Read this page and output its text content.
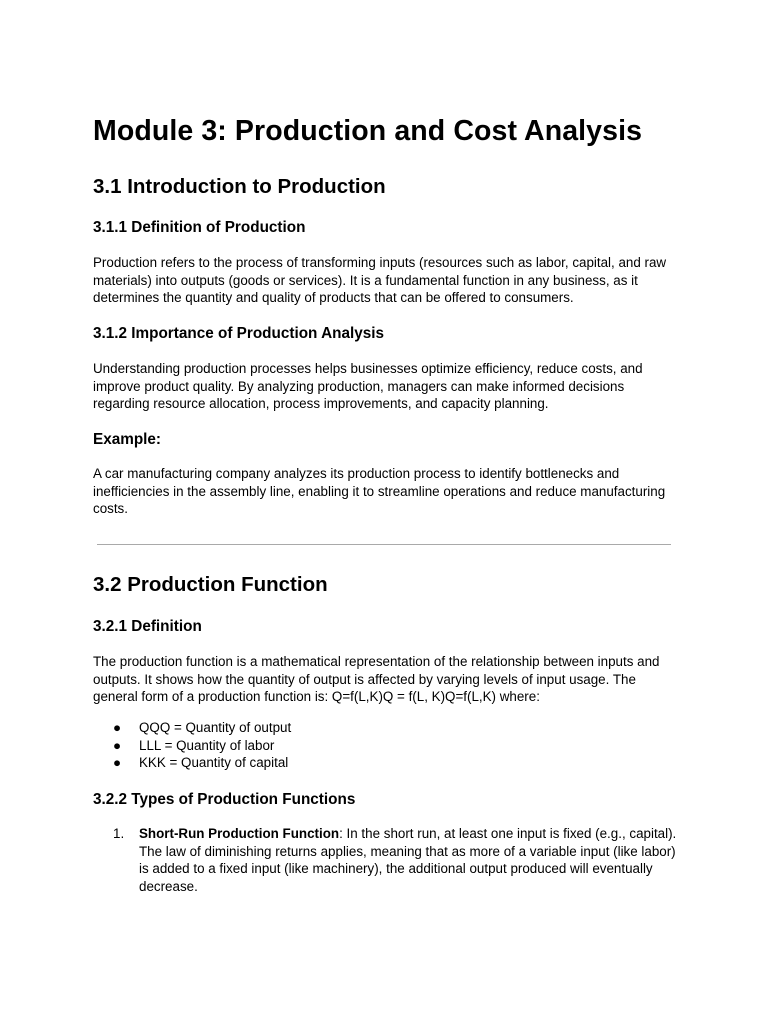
Module 3: Production and Cost Analysis
3.1 Introduction to Production
3.1.1 Definition of Production

Production refers to the process of transforming inputs (resources such as labor, capital, and raw materials) into outputs (goods or services). It is a fundamental function in any business, as it determines the quantity and quality of products that can be offered to consumers.

3.1.2 Importance of Production Analysis

Understanding production processes helps businesses optimize efficiency, reduce costs, and improve product quality. By analyzing production, managers can make informed decisions regarding resource allocation, process improvements, and capacity planning.

Example:

A car manufacturing company analyzes its production process to identify bottlenecks and inefficiencies in the assembly line, enabling it to streamline operations and reduce manufacturing costs.

3.2 Production Function
3.2.1 Definition

The production function is a mathematical representation of the relationship between inputs and outputs. It shows how the quantity of output is affected by varying levels of input usage. The general form of a production function is: Q=f(L,K)Q = f(L, K)Q=f(L,K) where:

● QQQ = Quantity of output
● LLL = Quantity of labor
● KKK = Quantity of capital
3.2.2 Types of Production Functions
1. Short-Run Production Function: In the short run, at least one input is fixed (e.g., capital). The law of diminishing returns applies, meaning that as more of a variable input (like labor) is added to a fixed input (like machinery), the additional output produced will eventually decrease.
